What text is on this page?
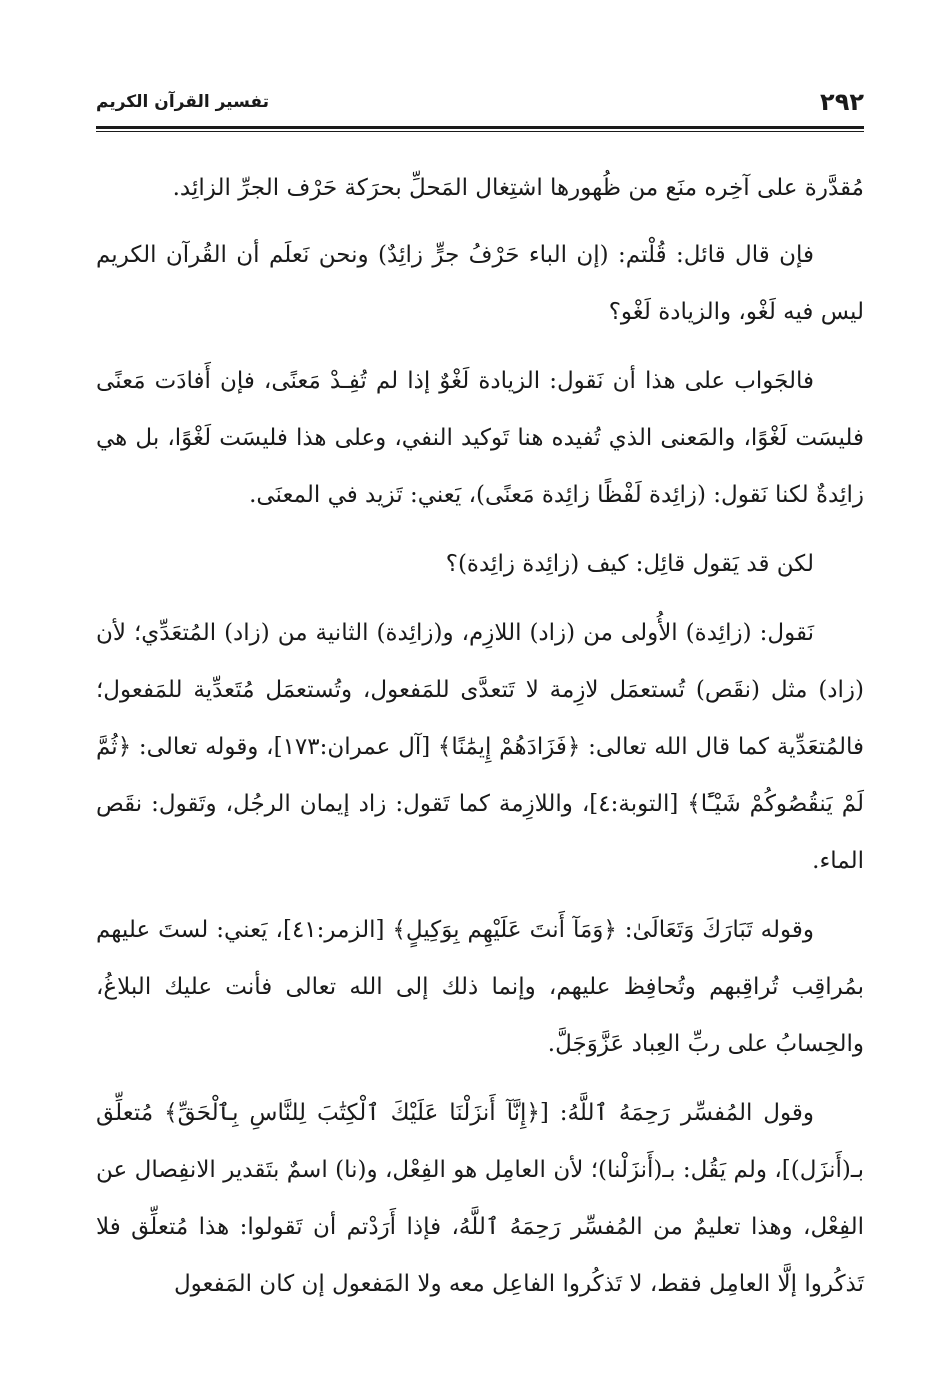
٢٩٢
تفسير القرآن الكريم

مُقدَّرة على آخِره منَع من ظُهورها اشتِغال المَحلِّ بحرَكة حَرْف الجرِّ الزائِد.

فإن قال قائل: قُلْتم: (إن الباء حَرْفُ جرٍّ زائِدٌ) ونحن نَعلَم أن القُرآن الكريم ليس فيه لَغْو، والزيادة لَغْو؟

فالجَواب على هذا أن نَقول: الزيادة لَغْوٌ إذا لم تُفِـدْ مَعنًى، فإن أَفادَت مَعنًى فليسَت لَغْوًا، والمَعنى الذي تُفيده هنا تَوكيد النفي، وعلى هذا فليسَت لَغْوًا، بل هي زائِدةٌ لكنا نَقول: (زائِدة لَفْظًا زائِدة مَعنًى)، يَعني: تَزيد في المعنَى.

لكن قد يَقول قائِل: كيف (زائِدة زائِدة)؟

نَقول: (زائِدة) الأُولى من (زاد) اللازِم، و(زائِدة) الثانية من (زاد) المُتعَدِّي؛ لأن (زاد) مثل (نقَص) تُستعمَل لازِمة لا تَتعدَّى للمَفعول، وتُستعمَل مُتَعدِّية للمَفعول؛ فالمُتعَدِّية كما قال الله تعالى: ﴿فَزَادَهُمْ إِيمَٰنًا﴾ [آل عمران:١٧٣]، وقوله تعالى: ﴿ثُمَّ لَمْ يَنقُصُوكُمْ شَيْـًٔا﴾ [التوبة:٤]، واللازِمة كما تَقول: زاد إيمان الرجُل، وتَقول: نقَص الماء.

وقوله تَبَارَكَ وَتَعَالَىٰ: ﴿وَمَآ أَنتَ عَلَيْهِم بِوَكِيلٍ﴾ [الزمر:٤١]، يَعني: لستَ عليهم بمُراقِب تُراقِبهم وتُحافِظ عليهم، وإنما ذلك إلى الله تعالى فأنت عليك البلاغُ، والحِسابُ على ربِّ العِباد عَزَّوَجَلَّ.

وقول المُفسِّر رَحِمَهُ ٱللَّهُ: [﴿إِنَّآ أَنزَلْنَا عَلَيْكَ ٱلْكِتَٰبَ لِلنَّاسِ بِٱلْحَقِّ﴾ مُتعلِّق بـ(أَنزَل)]، ولم يَقُل: بـ(أَنزَلْنا)؛ لأن العامِل هو الفِعْل، و(نا) اسمٌ بتَقدير الانفِصال عن الفِعْل، وهذا تعليمٌ من المُفسِّر رَحِمَهُ ٱللَّهُ، فإذا أَرَدْتم أن تَقولوا: هذا مُتعلِّق فلا تَذكُروا إلَّا العامِل فقط، لا تَذكُروا الفاعِل معه ولا المَفعول إن كان المَفعول
